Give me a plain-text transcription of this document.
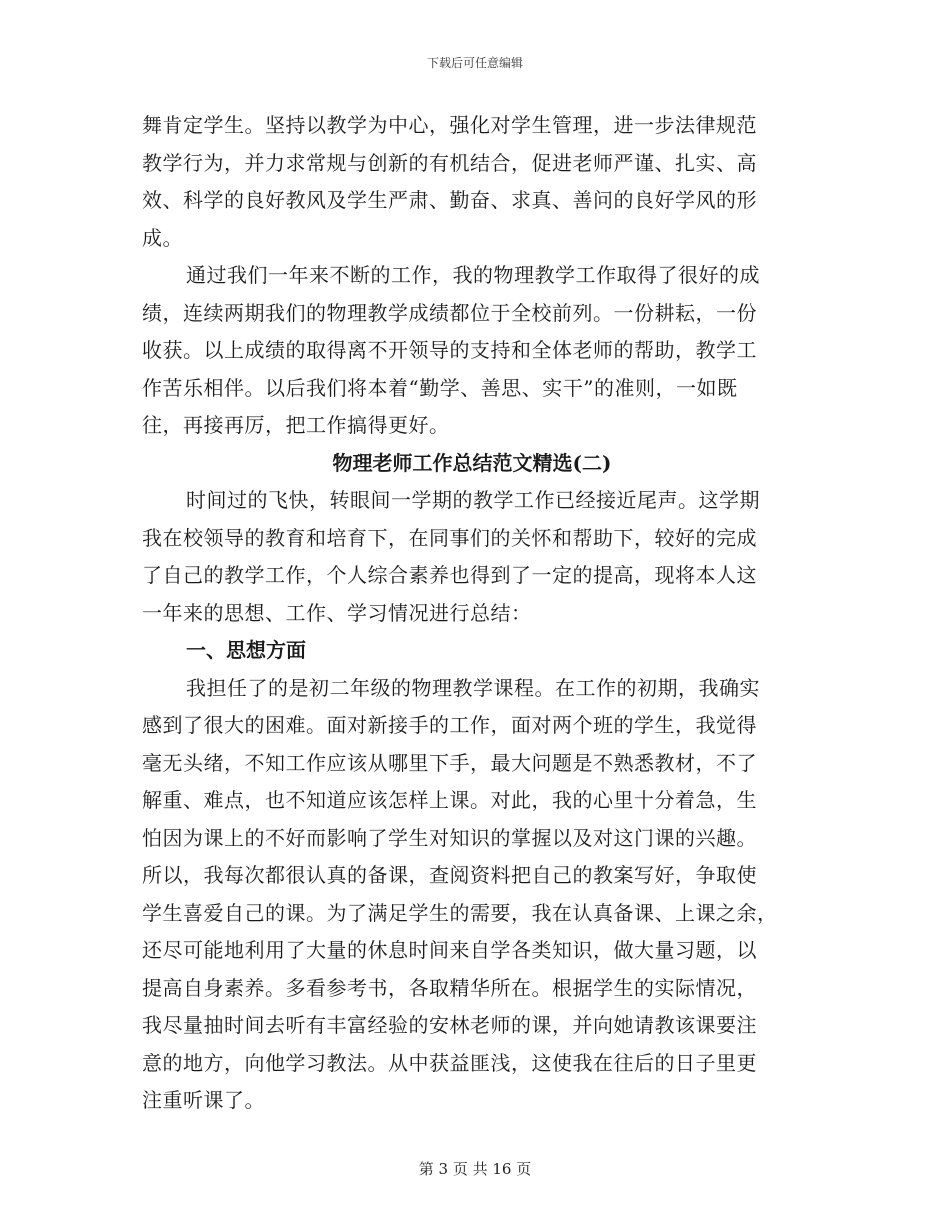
下载后可任意编辑
舞肯定学生。坚持以教学为中心，强化对学生管理，进一步法律规范
教学行为，并力求常规与创新的有机结合，促进老师严谨、扎实、高
效、科学的良好教风及学生严肃、勤奋、求真、善问的良好学风的形
成。
通过我们一年来不断的工作，我的物理教学工作取得了很好的成
绩，连续两期我们的物理教学成绩都位于全校前列。一份耕耘，一份
收获。以上成绩的取得离不开领导的支持和全体老师的帮助，教学工
作苦乐相伴。以后我们将本着“勤学、善思、实干”的准则，一如既
往，再接再厉，把工作搞得更好。
物理老师工作总结范文精选(二)
时间过的飞快，转眼间一学期的教学工作已经接近尾声。这学期
我在校领导的教育和培育下，在同事们的关怀和帮助下，较好的完成
了自己的教学工作，个人综合素养也得到了一定的提高，现将本人这
一年来的思想、工作、学习情况进行总结：
一、思想方面
我担任了的是初二年级的物理教学课程。在工作的初期，我确实
感到了很大的困难。面对新接手的工作，面对两个班的学生，我觉得
毫无头绪，不知工作应该从哪里下手，最大问题是不熟悉教材，不了
解重、难点，也不知道应该怎样上课。对此，我的心里十分着急，生
怕因为课上的不好而影响了学生对知识的掌握以及对这门课的兴趣。
所以，我每次都很认真的备课，查阅资料把自己的教案写好，争取使
学生喜爱自己的课。为了满足学生的需要，我在认真备课、上课之余，
还尽可能地利用了大量的休息时间来自学各类知识，做大量习题，以
提高自身素养。多看参考书，各取精华所在。根据学生的实际情况，
我尽量抽时间去听有丰富经验的安林老师的课，并向她请教该课要注
意的地方，向他学习教法。从中获益匪浅，这使我在往后的日子里更
注重听课了。
第 3 页 共 16 页
